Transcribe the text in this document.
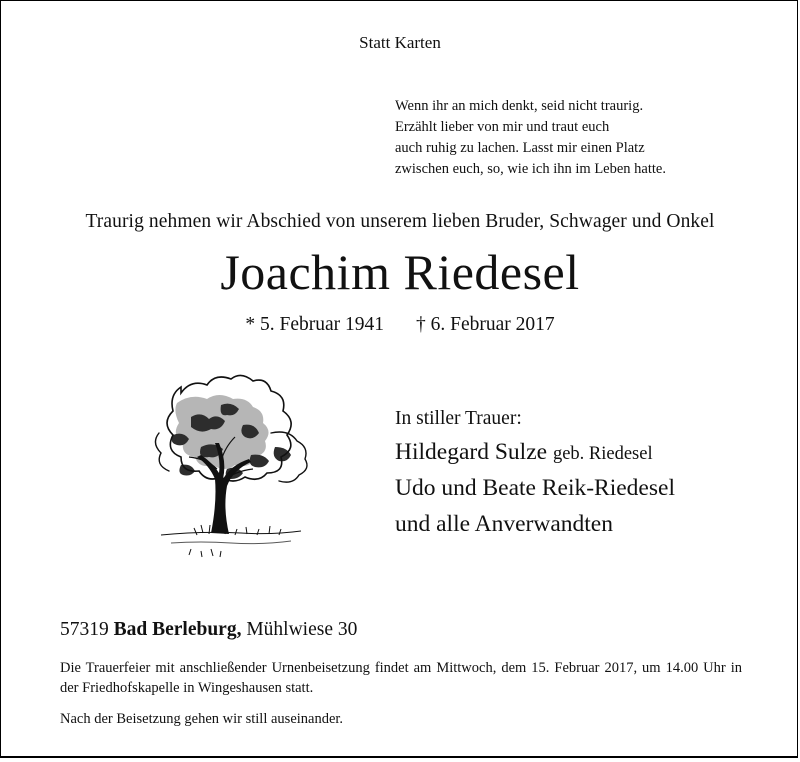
Statt Karten
Wenn ihr an mich denkt, seid nicht traurig.
Erzählt lieber von mir und traut euch
auch ruhig zu lachen. Lasst mir einen Platz
zwischen euch, so, wie ich ihn im Leben hatte.
Traurig nehmen wir Abschied von unserem lieben Bruder, Schwager und Onkel
Joachim Riedesel
* 5. Februar 1941 † 6. Februar 2017
In stiller Trauer:
Hildegard Sulze geb. Riedesel
Udo und Beate Reik-Riedesel
und alle Anverwandten
57319 Bad Berleburg, Mühlwiese 30
Die Trauerfeier mit anschließender Urnenbeisetzung findet am Mittwoch, dem 15. Februar 2017, um 14.00 Uhr in der Friedhofskapelle in Wingeshausen statt.
Nach der Beisetzung gehen wir still auseinander.
